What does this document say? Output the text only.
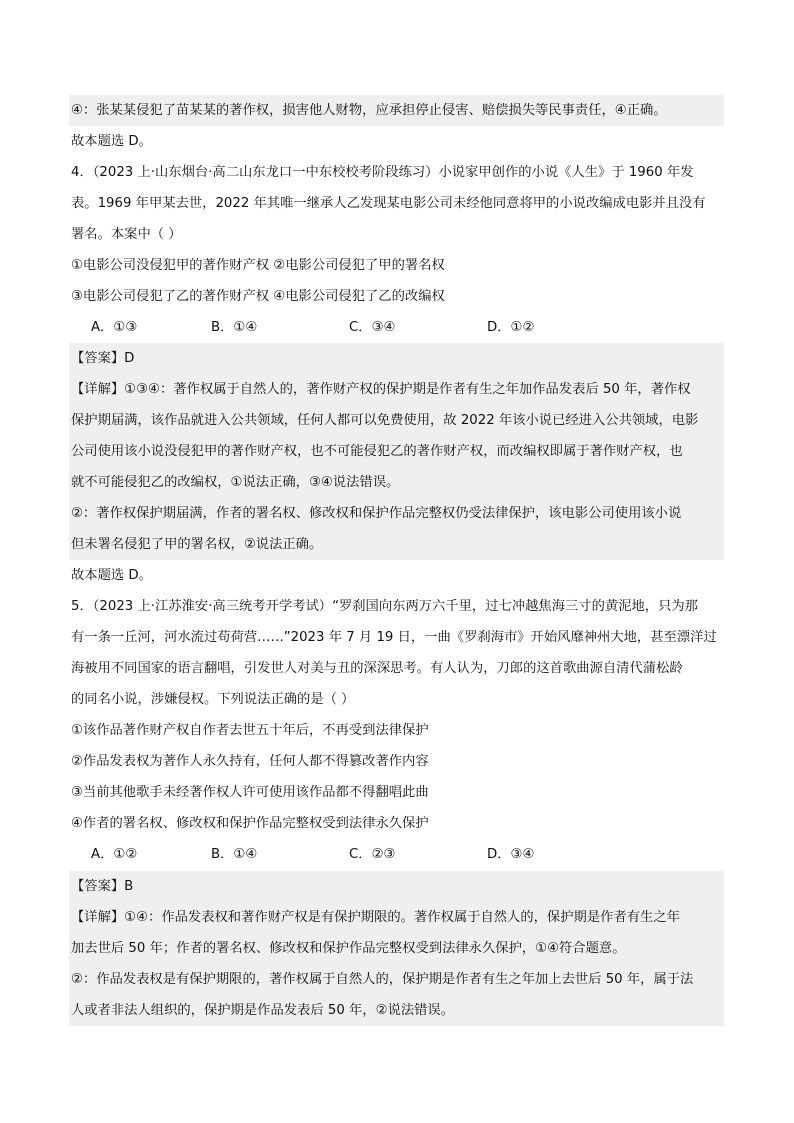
④：张某某侵犯了苗某某的著作权，损害他人财物，应承担停止侵害、赔偿损失等民事责任，④正确。
故本题选 D。
4．（2023 上·山东烟台·高二山东龙口一中东校校考阶段练习）小说家甲创作的小说《人生》于 1960 年发
表。1969 年甲某去世，2022 年其唯一继承人乙发现某电影公司未经他同意将甲的小说改编成电影并且没有
署名。本案中（ ）
①电影公司没侵犯甲的著作财产权 ②电影公司侵犯了甲的署名权
③电影公司侵犯了乙的著作财产权 ④电影公司侵犯了乙的改编权
A．①③	B．①④	C．③④	D．①②
【答案】D
【详解】①③④：著作权属于自然人的，著作财产权的保护期是作者有生之年加作品发表后 50 年，著作权
保护期届满，该作品就进入公共领域，任何人都可以免费使用，故 2022 年该小说已经进入公共领域，电影
公司使用该小说没侵犯甲的著作财产权，也不可能侵犯乙的著作财产权，而改编权即属于著作财产权，也
就不可能侵犯乙的改编权，①说法正确，③④说法错误。
②：著作权保护期届满，作者的署名权、修改权和保护作品完整权仍受法律保护，该电影公司使用该小说
但未署名侵犯了甲的署名权，②说法正确。
故本题选 D。
5．（2023 上·江苏淮安·高三统考开学考试）“罗刹国向东两万六千里，过七冲越焦海三寸的黄泥地，只为那
有一条一丘河，河水流过苟荷营……”2023 年 7 月 19 日，一曲《罗刹海市》开始风靡神州大地，甚至漂洋过
海被用不同国家的语言翻唱，引发世人对美与丑的深深思考。有人认为，刀郎的这首歌曲源自清代蒲松龄
的同名小说，涉嫌侵权。下列说法正确的是（ ）
①该作品著作财产权自作者去世五十年后，不再受到法律保护
②作品发表权为著作人永久持有，任何人都不得篡改著作内容
③当前其他歌手未经著作权人许可使用该作品都不得翻唱此曲
④作者的署名权、修改权和保护作品完整权受到法律永久保护
A．①②	B．①④	C．②③	D．③④
【答案】B
【详解】①④：作品发表权和著作财产权是有保护期限的。著作权属于自然人的，保护期是作者有生之年
加去世后 50 年；作者的署名权、修改权和保护作品完整权受到法律永久保护，①④符合题意。
②：作品发表权是有保护期限的，著作权属于自然人的，保护期是作者有生之年加上去世后 50 年，属于法
人或者非法人组织的，保护期是作品发表后 50 年，②说法错误。
